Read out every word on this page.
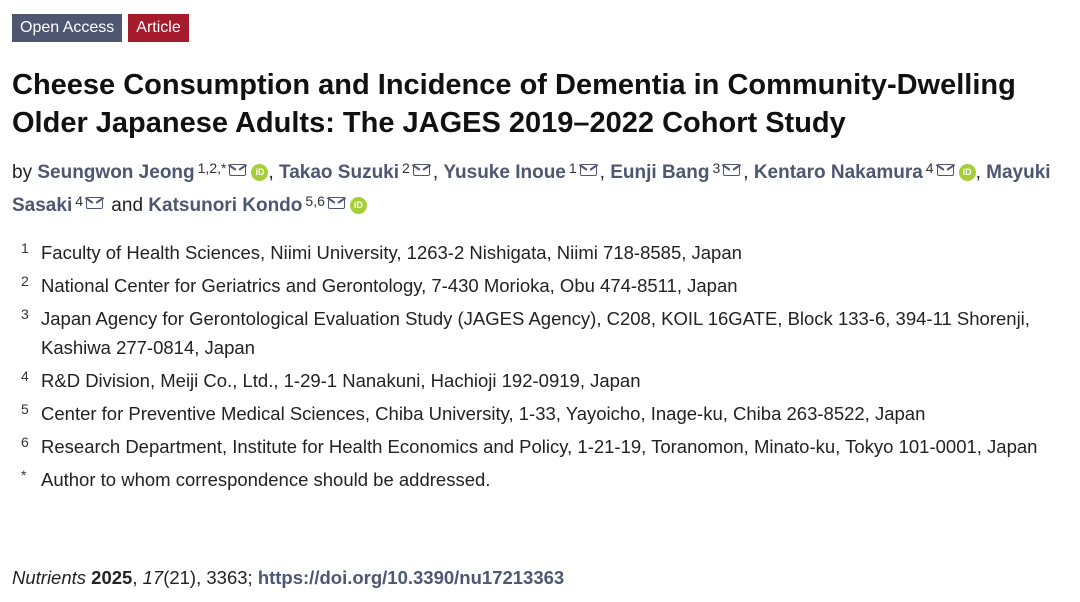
Open Access	Article
Cheese Consumption and Incidence of Dementia in Community-Dwelling Older Japanese Adults: The JAGES 2019–2022 Cohort Study
by Seungwon Jeong $^{1,2,*}$	iD , Takao Suzuki $^2$ , Yusuke Inoue $^1$ , Eunji Bang $^3$ , Kentaro Nakamura $^4$	iD , Mayuki Sasaki $^4$ and Katsunori Kondo $^{5,6}$	iD
1 Faculty of Health Sciences, Niimi University, 1263-2 Nishigata, Niimi 718-8585, Japan
2 National Center for Geriatrics and Gerontology, 7-430 Morioka, Obu 474-8511, Japan
3 Japan Agency for Gerontological Evaluation Study (JAGES Agency), C208, KOIL 16GATE, Block 133-6, 394-11 Shorenji, Kashiwa 277-0814, Japan
4 R&D Division, Meiji Co., Ltd., 1-29-1 Nanakuni, Hachioji 192-0919, Japan
5 Center for Preventive Medical Sciences, Chiba University, 1-33, Yayoicho, Inage-ku, Chiba 263-8522, Japan
6 Research Department, Institute for Health Economics and Policy, 1-21-19, Toranomon, Minato-ku, Tokyo 101-0001, Japan
* Author to whom correspondence should be addressed.
Nutrients 2025, 17(21), 3363; https://doi.org/10.3390/nu17213363
